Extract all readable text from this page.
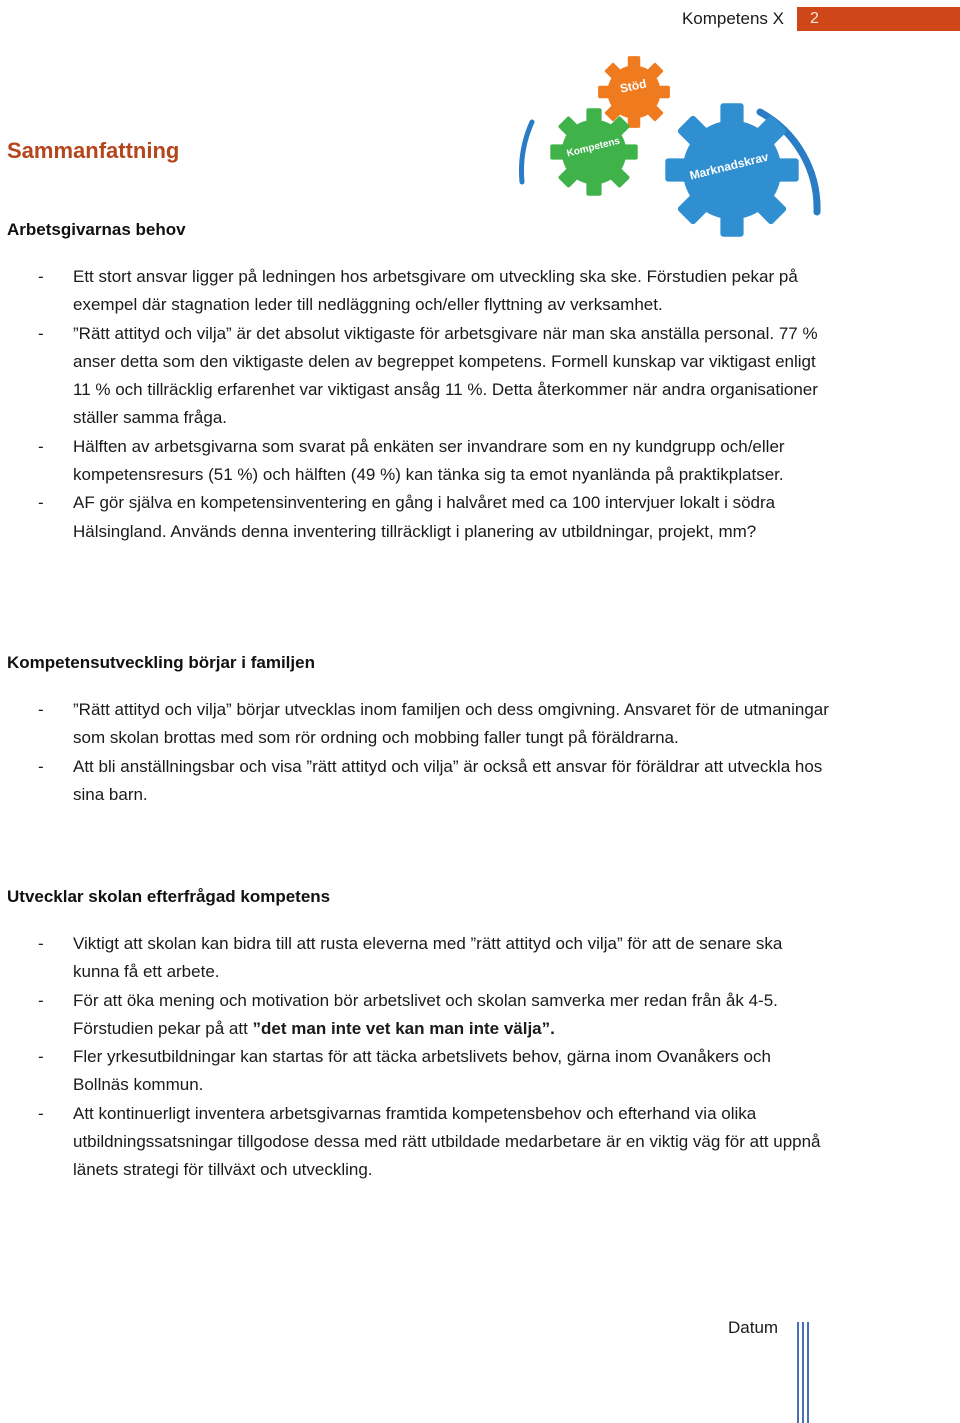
Kompetens X	2
Stöd
Kompetens
Marknadskrav
Sammanfattning
Arbetsgivarnas behov
- Ett stort ansvar ligger på ledningen hos arbetsgivare om utveckling ska ske. Förstudien pekar på exempel där stagnation leder till nedläggning och/eller flyttning av verksamhet.
- ”Rätt attityd och vilja” är det absolut viktigaste för arbetsgivare när man ska anställa personal. 77 % anser detta som den viktigaste delen av begreppet kompetens. Formell kunskap var viktigast enligt 11 % och tillräcklig erfarenhet var viktigast ansåg 11 %. Detta återkommer när andra organisationer ställer samma fråga.
- Hälften av arbetsgivarna som svarat på enkäten ser invandrare som en ny kundgrupp och/eller kompetensresurs (51 %) och hälften (49 %) kan tänka sig ta emot nyanlända på praktikplatser.
- AF gör själva en kompetensinventering en gång i halvåret med ca 100 intervjuer lokalt i södra Hälsingland. Används denna inventering tillräckligt i planering av utbildningar, projekt, mm?
Kompetensutveckling börjar i familjen
- ”Rätt attityd och vilja” börjar utvecklas inom familjen och dess omgivning. Ansvaret för de utmaningar som skolan brottas med som rör ordning och mobbing faller tungt på föräldrarna.
- Att bli anställningsbar och visa ”rätt attityd och vilja” är också ett ansvar för föräldrar att utveckla hos sina barn.
Utvecklar skolan efterfrågad kompetens
- Viktigt att skolan kan bidra till att rusta eleverna med ”rätt attityd och vilja” för att de senare ska kunna få ett arbete.
- För att öka mening och motivation bör arbetslivet och skolan samverka mer redan från åk 4-5. Förstudien pekar på att ”det man inte vet kan man inte välja”.
- Fler yrkesutbildningar kan startas för att täcka arbetslivets behov, gärna inom Ovanåkers och Bollnäs kommun.
- Att kontinuerligt inventera arbetsgivarnas framtida kompetensbehov och efterhand via olika utbildningssatsningar tillgodose dessa med rätt utbildade medarbetare är en viktig väg för att uppnå länets strategi för tillväxt och utveckling.
Datum
